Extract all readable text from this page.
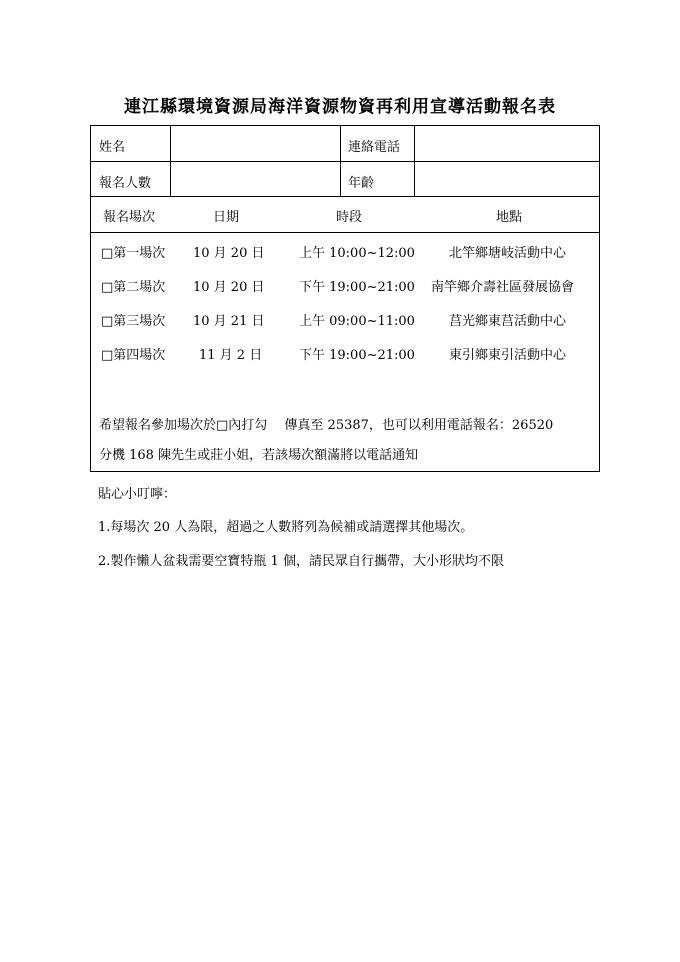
連江縣環境資源局海洋資源物資再利用宣導活動報名表
姓名	連絡電話
報名人數	年齡
報名場次	日期	時段	地點
□第一場次 10 月 20 日	上午 10:00~12:00	北竿鄉塘岐活動中心
□第二場次 10 月 20 日	下午 19:00~21:00 南竿鄉介壽社區發展協會
□第三場次 10 月 21 日	上午 09:00~11:00	莒光鄉東莒活動中心
□第四場次	11 月 2 日	下午 19:00~21:00	東引鄉東引活動中心
希望報名參加場次於□內打勾　 傳真至 25387，也可以利用電話報名：26520
分機 168 陳先生或莊小姐，若該場次額滿將以電話通知
貼心小叮嚀：
1.每場次 20 人為限，超過之人數將列為候補或請選擇其他場次。
2.製作懶人盆栽需要空寶特瓶 1 個，請民眾自行攜帶，大小形狀均不限
